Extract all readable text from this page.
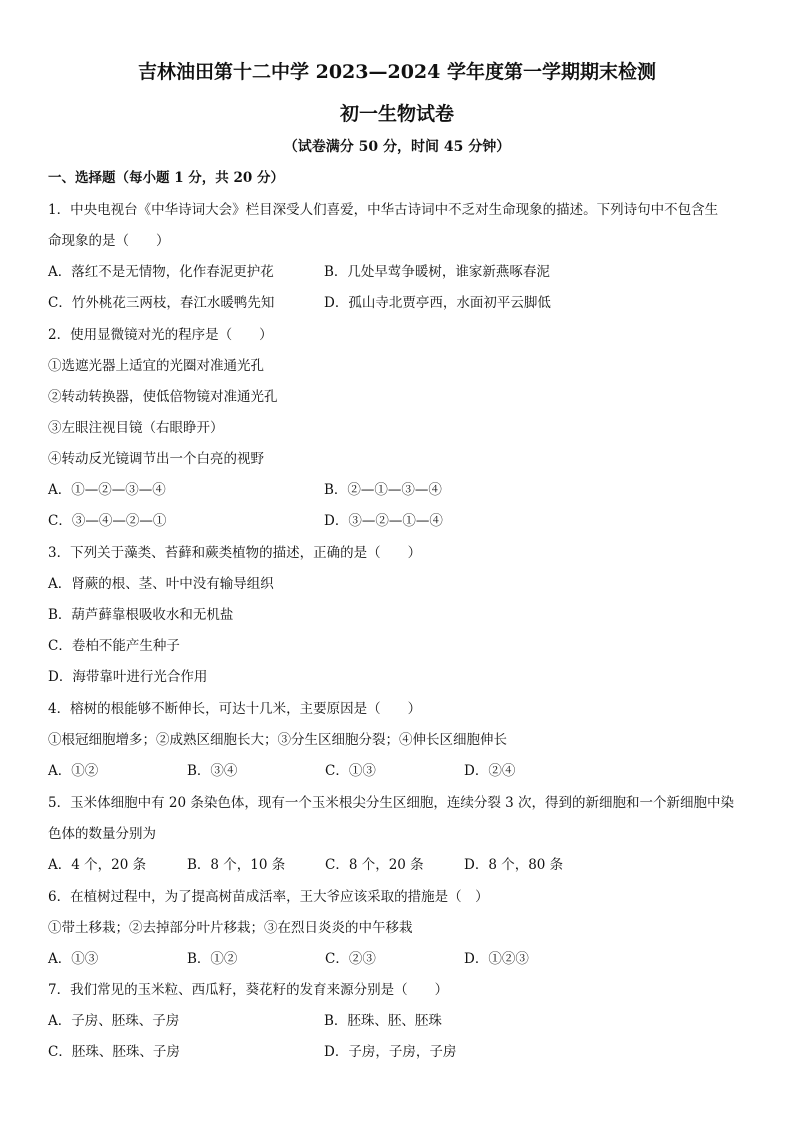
吉林油田第十二中学 2023—2024 学年度第一学期期末检测
初一生物试卷
（试卷满分 50 分，时间 45 分钟）
一、选择题（每小题 1 分，共 20 分）
1．中央电视台《中华诗词大会》栏目深受人们喜爱，中华古诗词中不乏对生命现象的描述。下列诗句中不包含生
命现象的是（　　）
A．落红不是无情物，化作春泥更护花	B．几处早莺争暖树，谁家新燕啄春泥
C．竹外桃花三两枝，春江水暖鸭先知	D．孤山寺北贾亭西，水面初平云脚低
2．使用显微镜对光的程序是（　　）
①选遮光器上适宜的光圈对准通光孔
②转动转换器，使低倍物镜对准通光孔
③左眼注视目镜（右眼睁开）
④转动反光镜调节出一个白亮的视野
A．①—②—③—④	B．②—①—③—④
C．③—④—②—①	D．③—②—①—④
3．下列关于藻类、苔藓和蕨类植物的描述，正确的是（　　）
A．肾蕨的根、茎、叶中没有输导组织
B．葫芦藓靠根吸收水和无机盐
C．卷柏不能产生种子
D．海带靠叶进行光合作用
4．榕树的根能够不断伸长，可达十几米，主要原因是（　　）
①根冠细胞增多；②成熟区细胞长大；③分生区细胞分裂；④伸长区细胞伸长
A．①②	B．③④	C．①③	D．②④
5．玉米体细胞中有 20 条染色体，现有一个玉米根尖分生区细胞，连续分裂 3 次，得到的新细胞和一个新细胞中染
色体的数量分别为
A．4 个，20 条	B．8 个，10 条	C．8 个，20 条	D．8 个，80 条
6．在植树过程中，为了提高树苗成活率，王大爷应该采取的措施是（　）
①带土移栽；②去掉部分叶片移栽；③在烈日炎炎的中午移栽
A．①③	B．①②	C．②③	D．①②③
7．我们常见的玉米粒、西瓜籽，葵花籽的发育来源分别是（　　）
A．子房、胚珠、子房	B．胚珠、胚、胚珠
C．胚珠、胚珠、子房	D．子房，子房，子房
